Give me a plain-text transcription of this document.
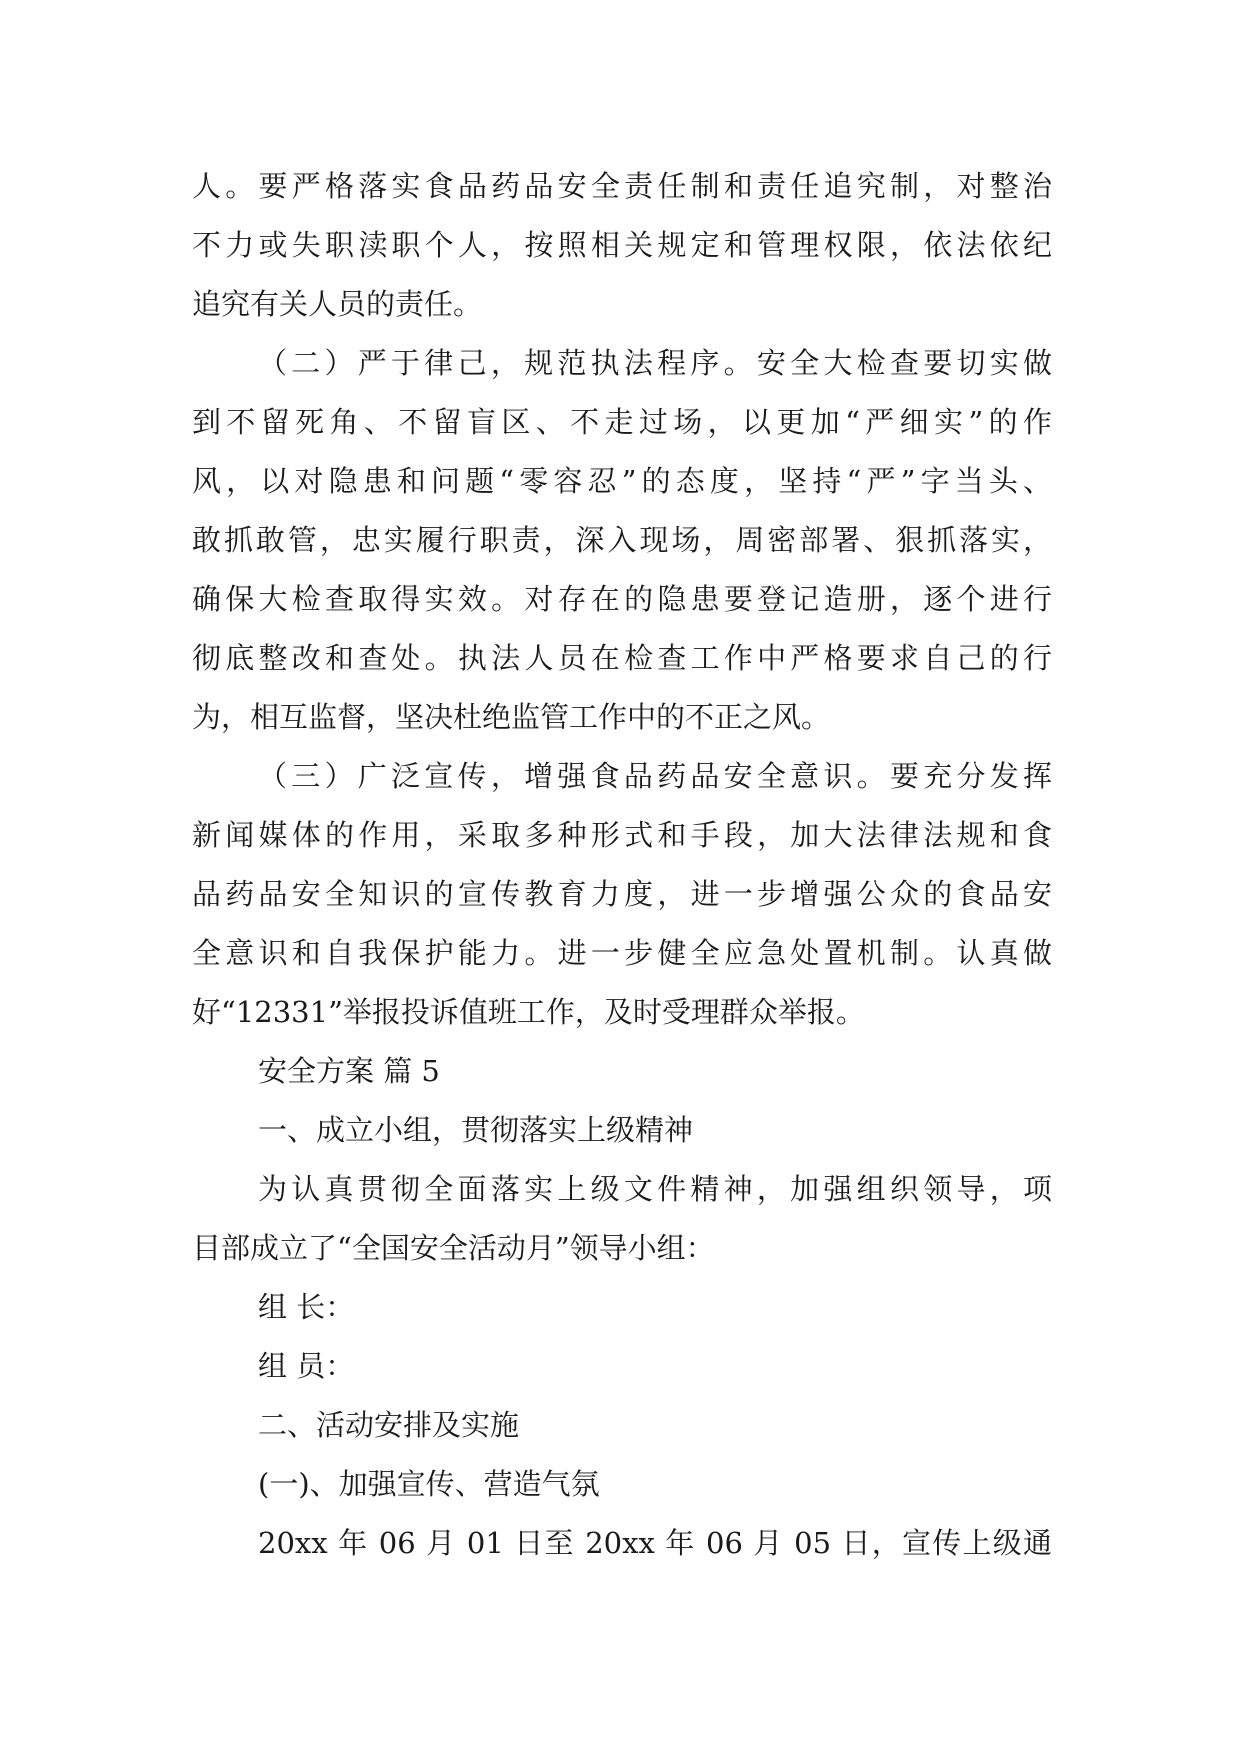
人。要严格落实食品药品安全责任制和责任追究制，对整治
不力或失职渎职个人，按照相关规定和管理权限，依法依纪
追究有关人员的责任。
（二）严于律己，规范执法程序。安全大检查要切实做
到不留死角、不留盲区、不走过场，以更加“严细实”的作
风，以对隐患和问题“零容忍”的态度，坚持“严”字当头、
敢抓敢管，忠实履行职责，深入现场，周密部署、狠抓落实，
确保大检查取得实效。对存在的隐患要登记造册，逐个进行
彻底整改和查处。执法人员在检查工作中严格要求自己的行
为，相互监督，坚决杜绝监管工作中的不正之风。
（三）广泛宣传，增强食品药品安全意识。要充分发挥
新闻媒体的作用，采取多种形式和手段，加大法律法规和食
品药品安全知识的宣传教育力度，进一步增强公众的食品安
全意识和自我保护能力。进一步健全应急处置机制。认真做
好“12331”举报投诉值班工作，及时受理群众举报。
安全方案 篇 5
一、成立小组，贯彻落实上级精神
为认真贯彻全面落实上级文件精神，加强组织领导，项
目部成立了“全国安全活动月”领导小组：
组 长：
组 员：
二、活动安排及实施
(一)、加强宣传、营造气氛
20xx 年 06 月 01 日至 20xx 年 06 月 05 日，宣传上级通
